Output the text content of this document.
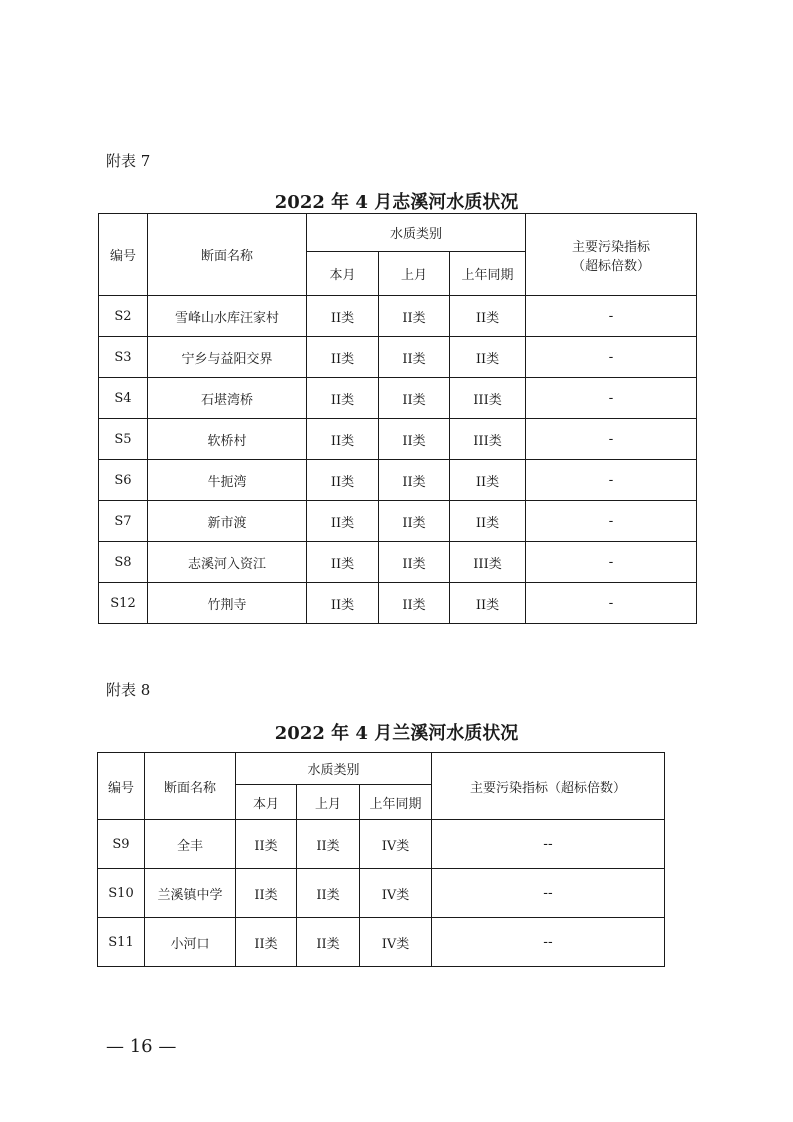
附表 7
2022 年 4 月志溪河水质状况
编号	断面名称	水质类别			主要污染指标
（超标倍数）

		本月	上月	上年同期	
S2	雪峰山水库汪家村	II类	II类	II类	-
S3	宁乡与益阳交界	II类	II类	II类	-
S4	石堪湾桥	II类	II类	III类	-
S5	软桥村	II类	II类	III类	-
S6	牛扼湾	II类	II类	II类	-
S7	新市渡	II类	II类	II类	-
S8	志溪河入资江	II类	II类	III类	-
S12	竹荆寺	II类	II类	II类	-
附表 8
2022 年 4 月兰溪河水质状况
编号	断面名称	水质类别			主要污染指标（超标倍数）
		本月	上月	上年同期	
S9	全丰	II类	II类	IV类	--
S10	兰溪镇中学	II类	II类	IV类	--
S11	小河口	II类	II类	IV类	--
— 16 —
